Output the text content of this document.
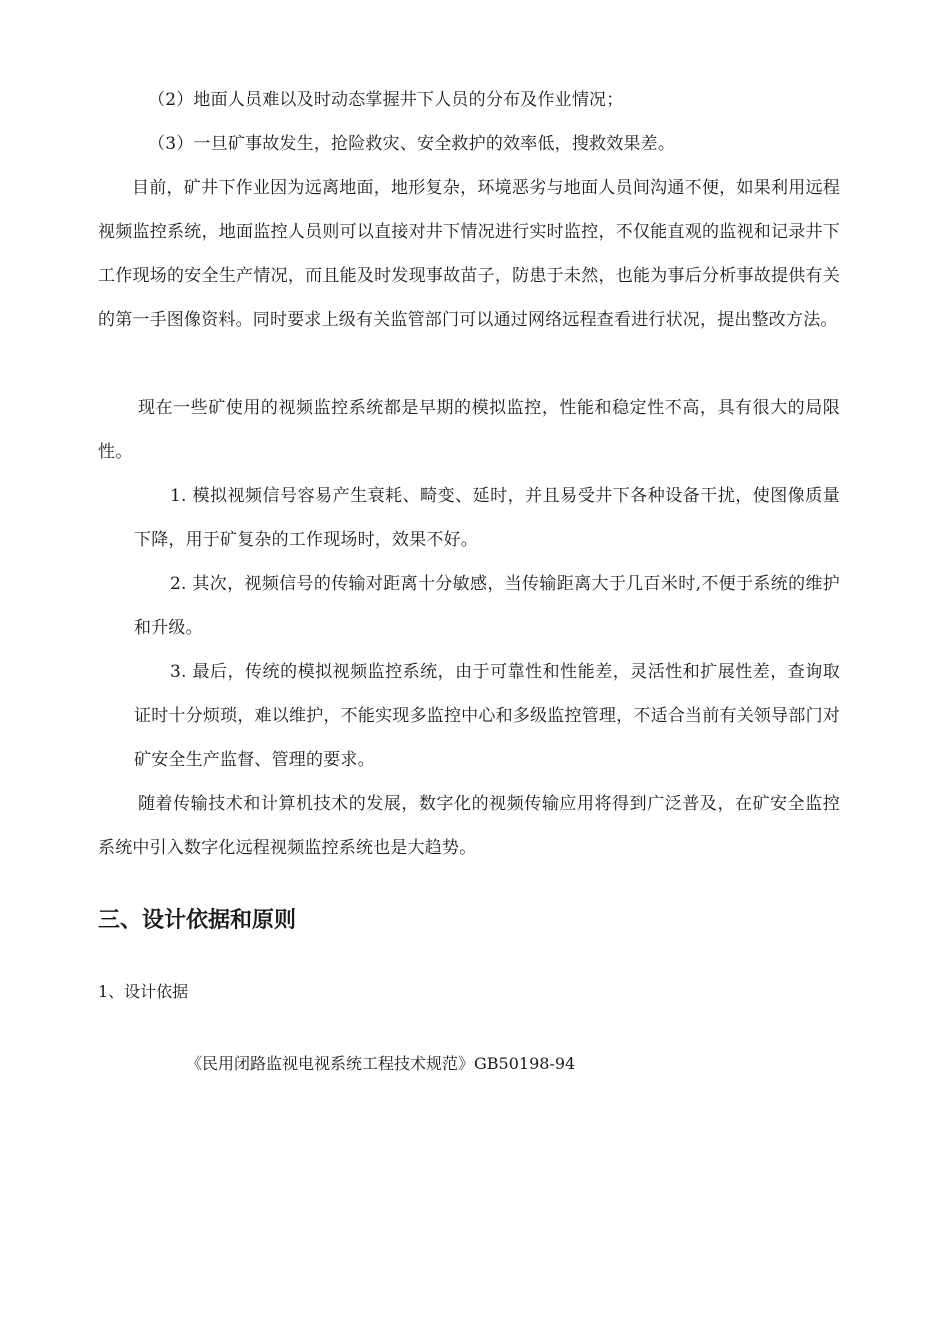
（2）地面人员难以及时动态掌握井下人员的分布及作业情况；

（3）一旦矿事故发生，抢险救灾、安全救护的效率低，搜救效果差。

目前，矿井下作业因为远离地面，地形复杂，环境恶劣与地面人员间沟通不便，如果利用远程视频监控系统，地面监控人员则可以直接对井下情况进行实时监控，不仅能直观的监视和记录井下工作现场的安全生产情况，而且能及时发现事故苗子，防患于未然，也能为事后分析事故提供有关的第一手图像资料。同时要求上级有关监管部门可以通过网络远程查看进行状况，提出整改方法。

现在一些矿使用的视频监控系统都是早期的模拟监控，性能和稳定性不高，具有很大的局限性。

1. 模拟视频信号容易产生衰耗、畸变、延时，并且易受井下各种设备干扰，使图像质量下降，用于矿复杂的工作现场时，效果不好。

2. 其次，视频信号的传输对距离十分敏感，当传输距离大于几百米时,不便于系统的维护和升级。

3. 最后，传统的模拟视频监控系统，由于可靠性和性能差，灵活性和扩展性差，查询取证时十分烦琐，难以维护，不能实现多监控中心和多级监控管理，不适合当前有关领导部门对矿安全生产监督、管理的要求。

随着传输技术和计算机技术的发展，数字化的视频传输应用将得到广泛普及，在矿安全监控系统中引入数字化远程视频监控系统也是大趋势。

三、设计依据和原则

1、设计依据

《民用闭路监视电视系统工程技术规范》GB50198-94
